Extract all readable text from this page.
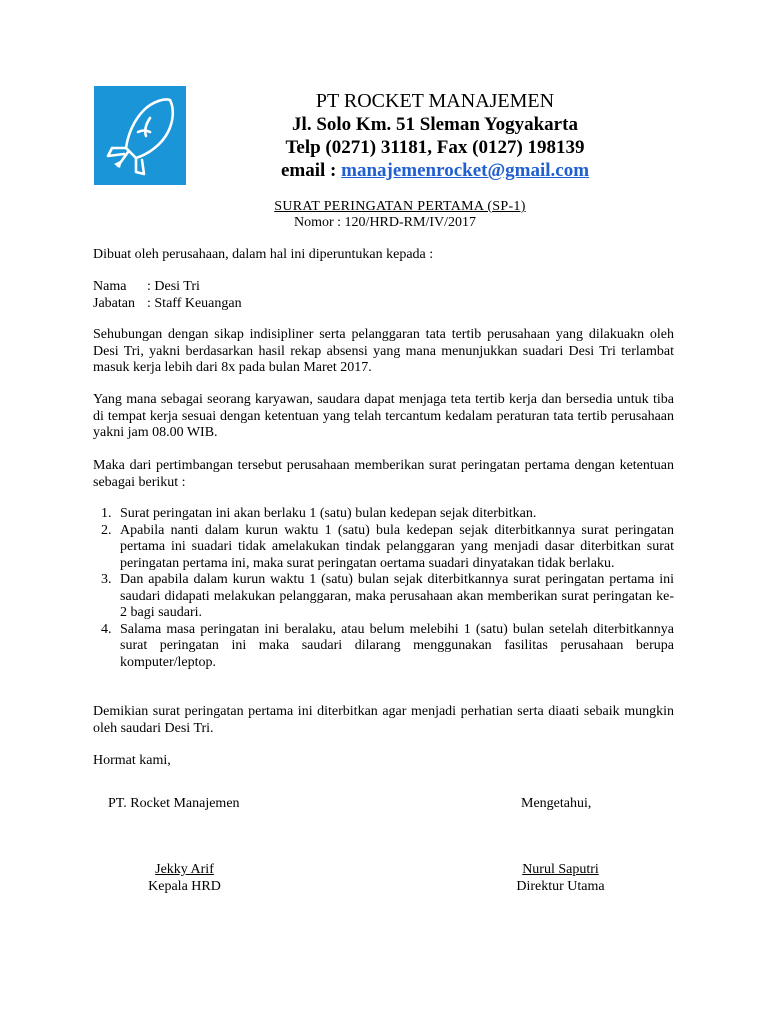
PT ROCKET MANAJEMEN
Jl. Solo Km. 51 Sleman Yogyakarta
Telp (0271) 31181, Fax (0127) 198139
email : manajemenrocket@gmail.com
SURAT PERINGATAN PERTAMA (SP-1)
Nomor : 120/HRD-RM/IV/2017
Dibuat oleh perusahaan, dalam hal ini diperuntukan kepada :
Nama : Desi Tri
Jabatan : Staff Keuangan
Sehubungan dengan sikap indisipliner serta pelanggaran tata tertib perusahaan yang dilakuakn oleh Desi Tri, yakni berdasarkan hasil rekap absensi yang mana menunjukkan suadari Desi Tri terlambat masuk kerja lebih dari 8x pada bulan Maret 2017.
Yang mana sebagai seorang karyawan, saudara dapat menjaga teta tertib kerja dan bersedia untuk tiba di tempat kerja sesuai dengan ketentuan yang telah tercantum kedalam peraturan tata tertib perusahaan yakni jam 08.00 WIB.
Maka dari pertimbangan tersebut perusahaan memberikan surat peringatan pertama dengan ketentuan sebagai berikut :
1. Surat peringatan ini akan berlaku 1 (satu) bulan kedepan sejak diterbitkan.
2. Apabila nanti dalam kurun waktu 1 (satu) bula kedepan sejak diterbitkannya surat peringatan pertama ini suadari tidak amelakukan tindak pelanggaran yang menjadi dasar diterbitkan surat peringatan pertama ini, maka surat peringatan oertama suadari dinyatakan tidak berlaku.
3. Dan apabila dalam kurun waktu 1 (satu) bulan sejak diterbitkannya surat peringatan pertama ini saudari didapati melakukan pelanggaran, maka perusahaan akan memberikan surat peringatan ke-2 bagi saudari.
4. Salama masa peringatan ini beralaku, atau belum melebihi 1 (satu) bulan setelah diterbitkannya surat peringatan ini maka saudari dilarang menggunakan fasilitas perusahaan berupa komputer/leptop.
Demikian surat peringatan pertama ini diterbitkan agar menjadi perhatian serta diaati sebaik mungkin oleh saudari Desi Tri.
Hormat kami,
PT. Rocket Manajemen	Mengetahui,
Jekky Arif
Kepala HRD
Nurul Saputri
Direktur Utama
